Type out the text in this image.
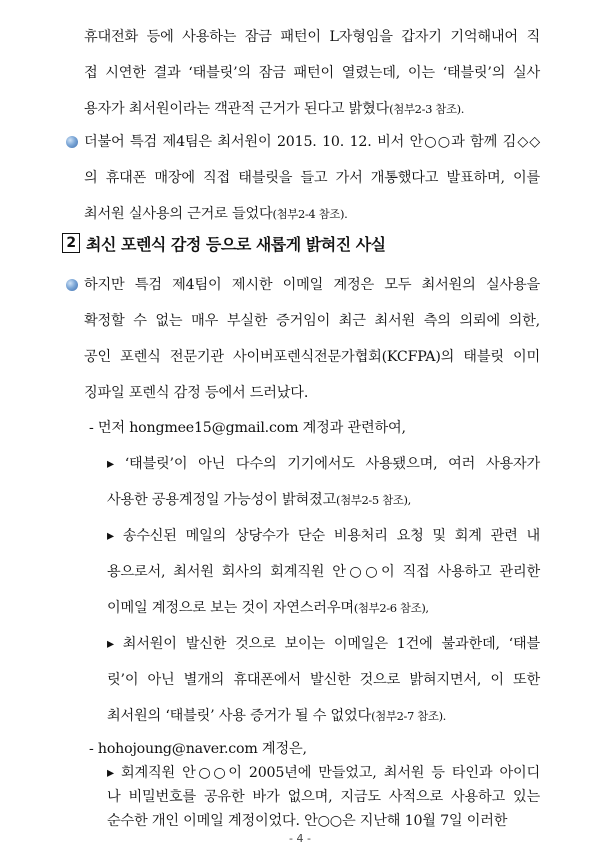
휴대전화 등에 사용하는 잠금 패턴이 L자형임을 갑자기 기억해내어 직
접 시연한 결과 ‘태블릿’의 잠금 패턴이 열렸는데, 이는 ‘태블릿’의 실사
용자가 최서원이라는 객관적 근거가 된다고 밝혔다(첨부2-3 참조).
더불어 특검 제4팀은 최서원이 2015. 10. 12. 비서 안○○과 함께 김◇◇
의 휴대폰 매장에 직접 태블릿을 들고 가서 개통했다고 발표하며, 이를
최서원 실사용의 근거로 들었다(첨부2-4 참조).
2 최신 포렌식 감정 등으로 새롭게 밝혀진 사실
하지만 특검 제4팀이 제시한 이메일 계정은 모두 최서원의 실사용을
확정할 수 없는 매우 부실한 증거임이 최근 최서원 측의 의뢰에 의한,
공인 포렌식 전문기관 사이버포렌식전문가협회(KCFPA)의 태블릿 이미
징파일 포렌식 감정 등에서 드러났다.
- 먼저 hongmee15@gmail.com 계정과 관련하여,
▸ ‘태블릿’이 아닌 다수의 기기에서도 사용됐으며, 여러 사용자가
사용한 공용계정일 가능성이 밝혀졌고(첨부2-5 참조),
▸ 송수신된 메일의 상당수가 단순 비용처리 요청 및 회계 관련 내
용으로서, 최서원 회사의 회계직원 안○○이 직접 사용하고 관리한
이메일 계정으로 보는 것이 자연스러우며(첨부2-6 참조),
▸ 최서원이 발신한 것으로 보이는 이메일은 1건에 불과한데, ‘태블
릿’이 아닌 별개의 휴대폰에서 발신한 것으로 밝혀지면서, 이 또한
최서원의 ‘태블릿’ 사용 증거가 될 수 없었다(첨부2-7 참조).
- hohojoung@naver.com 계정은,
- 4 -
▸ 회계직원 안○○이 2005년에 만들었고, 최서원 등 타인과 아이디
나 비밀번호를 공유한 바가 없으며, 지금도 사적으로 사용하고 있는
순수한 개인 이메일 계정이었다. 안○○은 지난해 10월 7일 이러한
